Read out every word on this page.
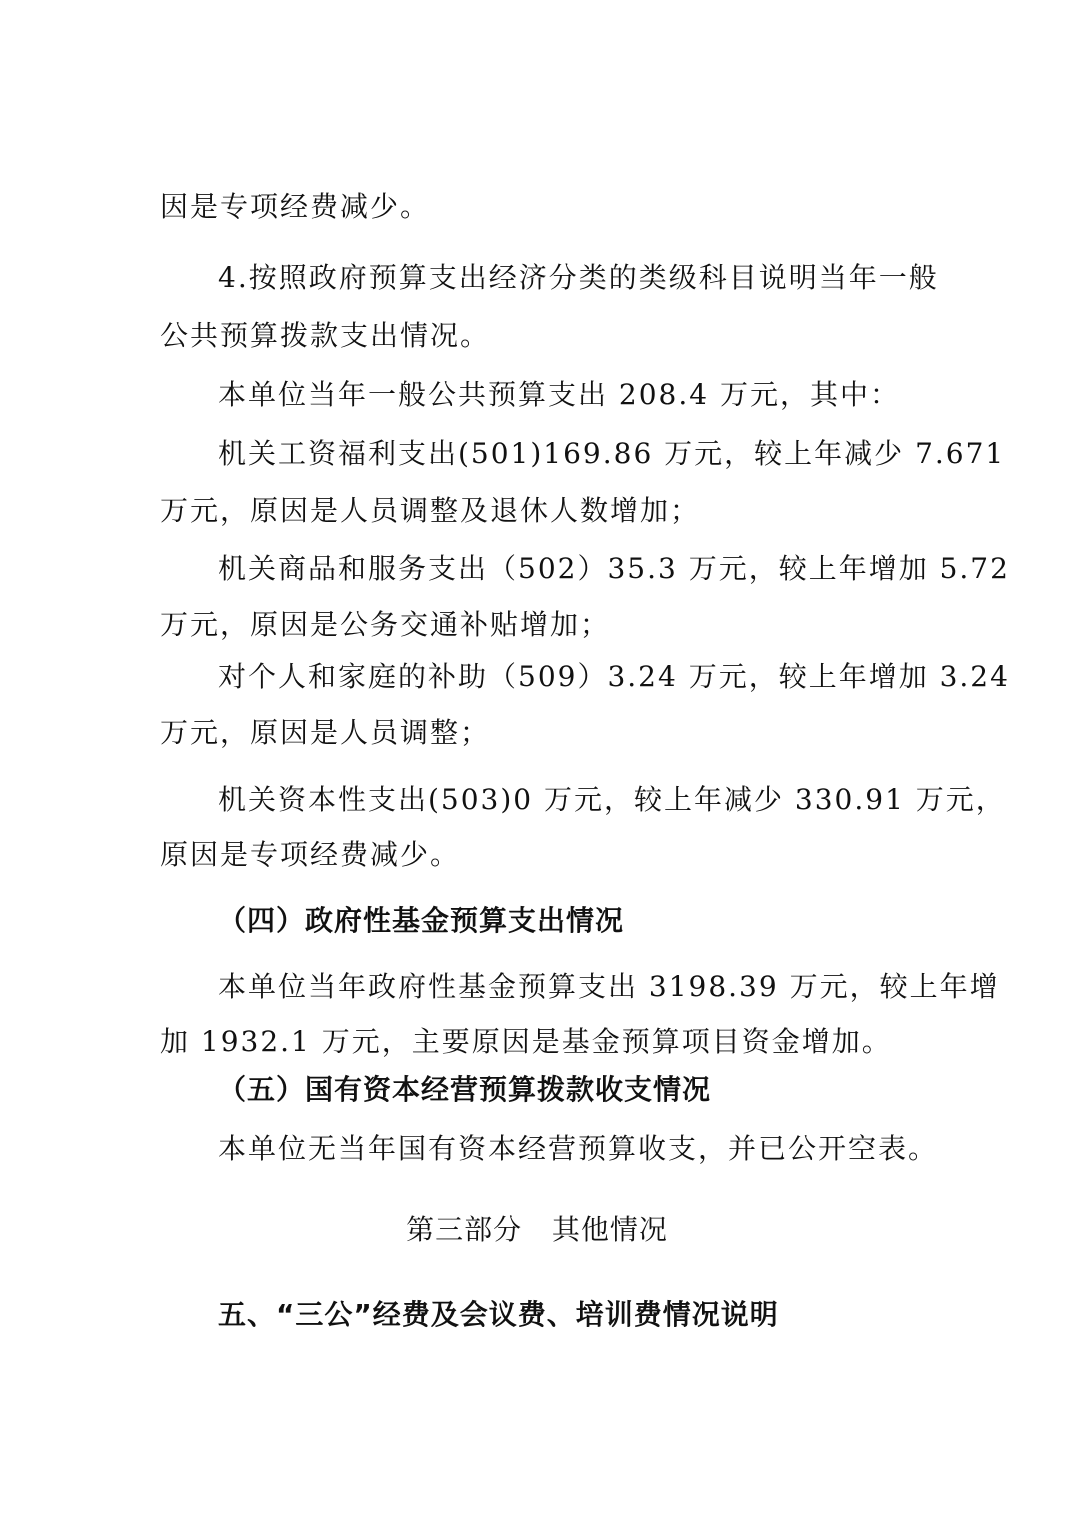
因是专项经费减少。
4.按照政府预算支出经济分类的类级科目说明当年一般
公共预算拨款支出情况。
本单位当年一般公共预算支出 208.4 万元，其中：
机关工资福利支出(501)169.86 万元，较上年减少 7.671
万元，原因是人员调整及退休人数增加；
机关商品和服务支出（502）35.3 万元，较上年增加 5.72
万元，原因是公务交通补贴增加；
对个人和家庭的补助（509）3.24 万元，较上年增加 3.24
万元，原因是人员调整；
机关资本性支出(503)0 万元，较上年减少 330.91 万元，
原因是专项经费减少。
（四）政府性基金预算支出情况
本单位当年政府性基金预算支出 3198.39 万元，较上年增
加 1932.1 万元，主要原因是基金预算项目资金增加。
（五）国有资本经营预算拨款收支情况
本单位无当年国有资本经营预算收支，并已公开空表。
第三部分   其他情况
五、“三公”经费及会议费、培训费情况说明
